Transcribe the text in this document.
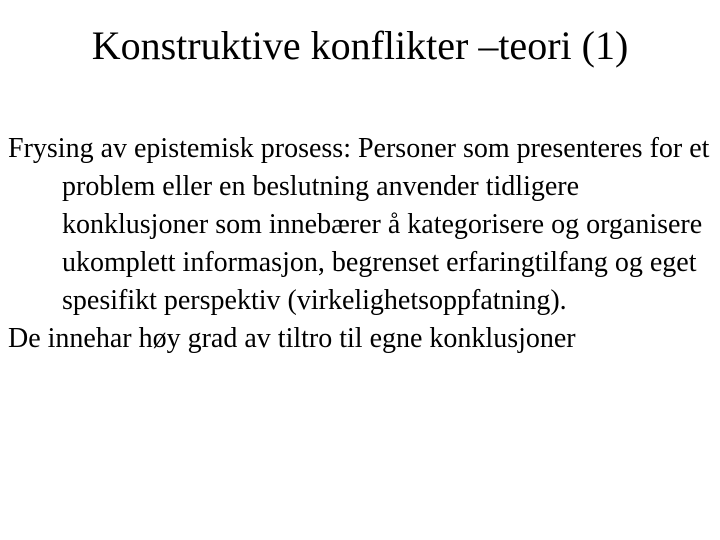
Konstruktive konflikter –teori (1)

Frysing av epistemisk prosess: Personer som presenteres for et problem eller en beslutning anvender tidligere konklusjoner som innebærer å kategorisere og organisere ukomplett informasjon, begrenset erfaringtilfang og eget spesifikt perspektiv (virkelighetsoppfatning).

De innehar høy grad av tiltro til egne konklusjoner
